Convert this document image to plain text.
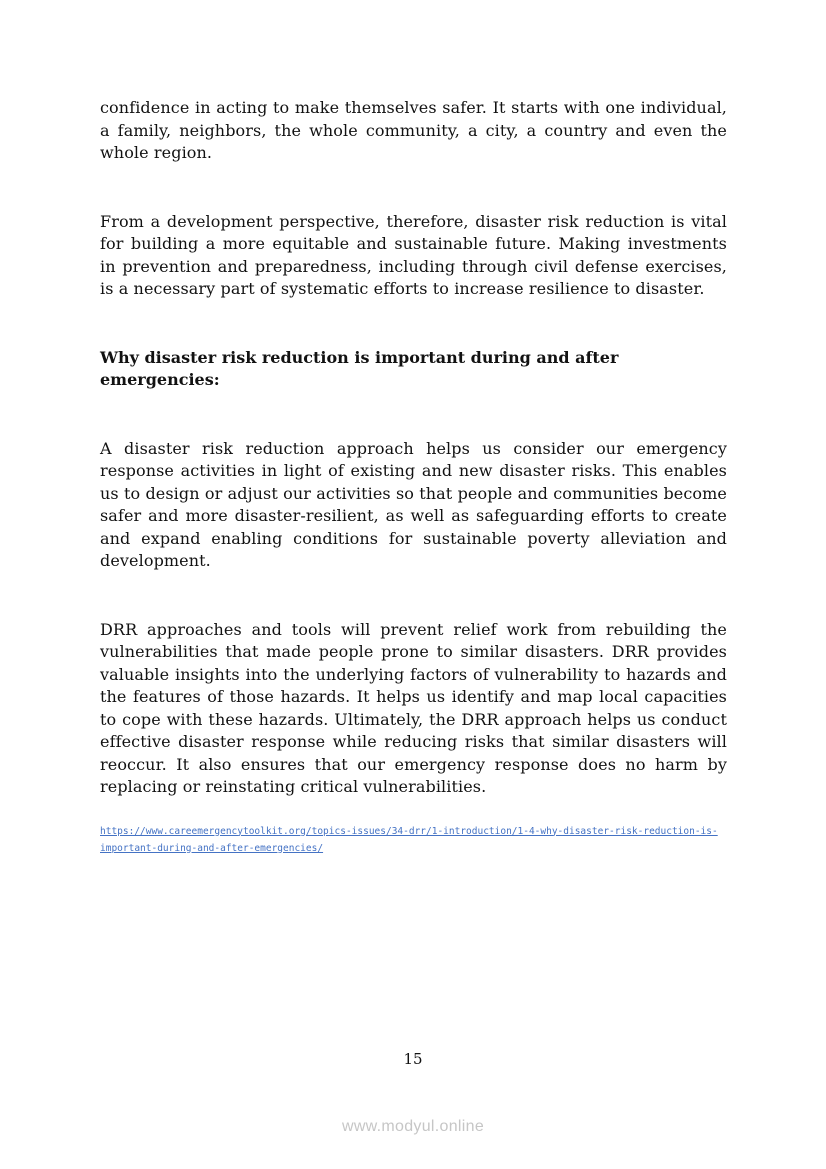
confidence in acting to make themselves safer. It starts with one individual, a family, neighbors, the whole community, a city, a country and even the whole region.

From a development perspective, therefore, disaster risk reduction is vital for building a more equitable and sustainable future. Making investments in prevention and preparedness, including through civil defense exercises, is a necessary part of systematic efforts to increase resilience to disaster.

Why disaster risk reduction is important during and after emergencies:

A disaster risk reduction approach helps us consider our emergency response activities in light of existing and new disaster risks. This enables us to design or adjust our activities so that people and communities become safer and more disaster-resilient, as well as safeguarding efforts to create and expand enabling conditions for sustainable poverty alleviation and development.

DRR approaches and tools will prevent relief work from rebuilding the vulnerabilities that made people prone to similar disasters. DRR provides valuable insights into the underlying factors of vulnerability to hazards and the features of those hazards. It helps us identify and map local capacities to cope with these hazards. Ultimately, the DRR approach helps us conduct effective disaster response while reducing risks that similar disasters will reoccur. It also ensures that our emergency response does no harm by replacing or reinstating critical vulnerabilities.

https://www.careemergencytoolkit.org/topics-issues/34-drr/1-introduction/1-4-why-disaster-risk-reduction-is-important-during-and-after-emergencies/
15
www.modyul.online
